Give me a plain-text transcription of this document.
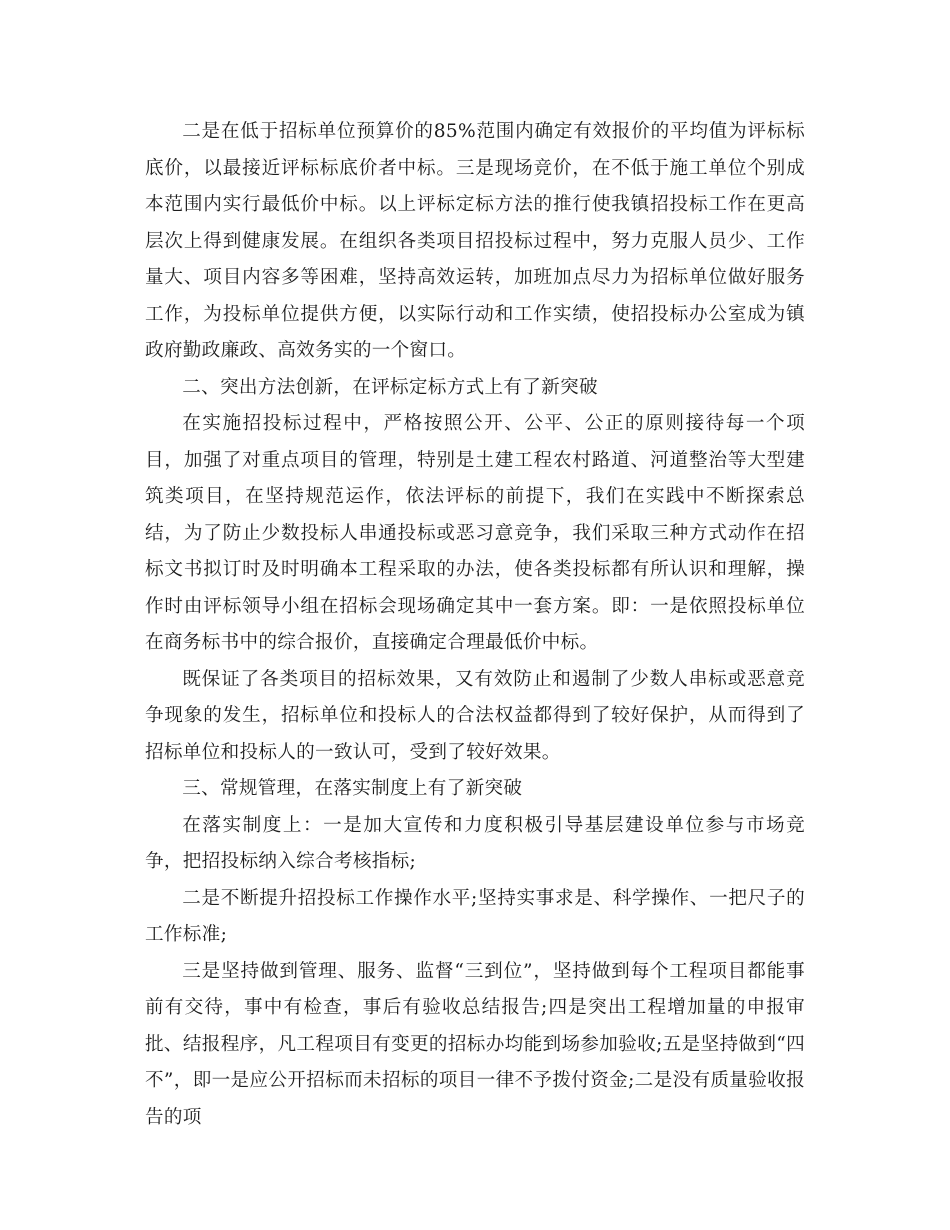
二是在低于招标单位预算价的85%范围内确定有效报价的平均值为评标标底价，以最接近评标标底价者中标。三是现场竞价，在不低于施工单位个别成本范围内实行最低价中标。以上评标定标方法的推行使我镇招投标工作在更高层次上得到健康发展。在组织各类项目招投标过程中，努力克服人员少、工作量大、项目内容多等困难，坚持高效运转，加班加点尽力为招标单位做好服务工作，为投标单位提供方便，以实际行动和工作实绩，使招投标办公室成为镇政府勤政廉政、高效务实的一个窗口。

二、突出方法创新，在评标定标方式上有了新突破

在实施招投标过程中，严格按照公开、公平、公正的原则接待每一个项目，加强了对重点项目的管理，特别是土建工程农村路道、河道整治等大型建筑类项目，在坚持规范运作，依法评标的前提下，我们在实践中不断探索总结，为了防止少数投标人串通投标或恶习意竞争，我们采取三种方式动作在招标文书拟订时及时明确本工程采取的办法，使各类投标都有所认识和理解，操作时由评标领导小组在招标会现场确定其中一套方案。即：一是依照投标单位在商务标书中的综合报价，直接确定合理最低价中标。

既保证了各类项目的招标效果，又有效防止和遏制了少数人串标或恶意竞争现象的发生，招标单位和投标人的合法权益都得到了较好保护，从而得到了招标单位和投标人的一致认可，受到了较好效果。

三、常规管理，在落实制度上有了新突破

在落实制度上：一是加大宣传和力度积极引导基层建设单位参与市场竞争，把招投标纳入综合考核指标;

二是不断提升招投标工作操作水平;坚持实事求是、科学操作、一把尺子的工作标准;

三是坚持做到管理、服务、监督“三到位”，坚持做到每个工程项目都能事前有交待，事中有检查，事后有验收总结报告;四是突出工程增加量的申报审批、结报程序，凡工程项目有变更的招标办均能到场参加验收;五是坚持做到“四不”，即一是应公开招标而未招标的项目一律不予拨付资金;二是没有质量验收报告的项
